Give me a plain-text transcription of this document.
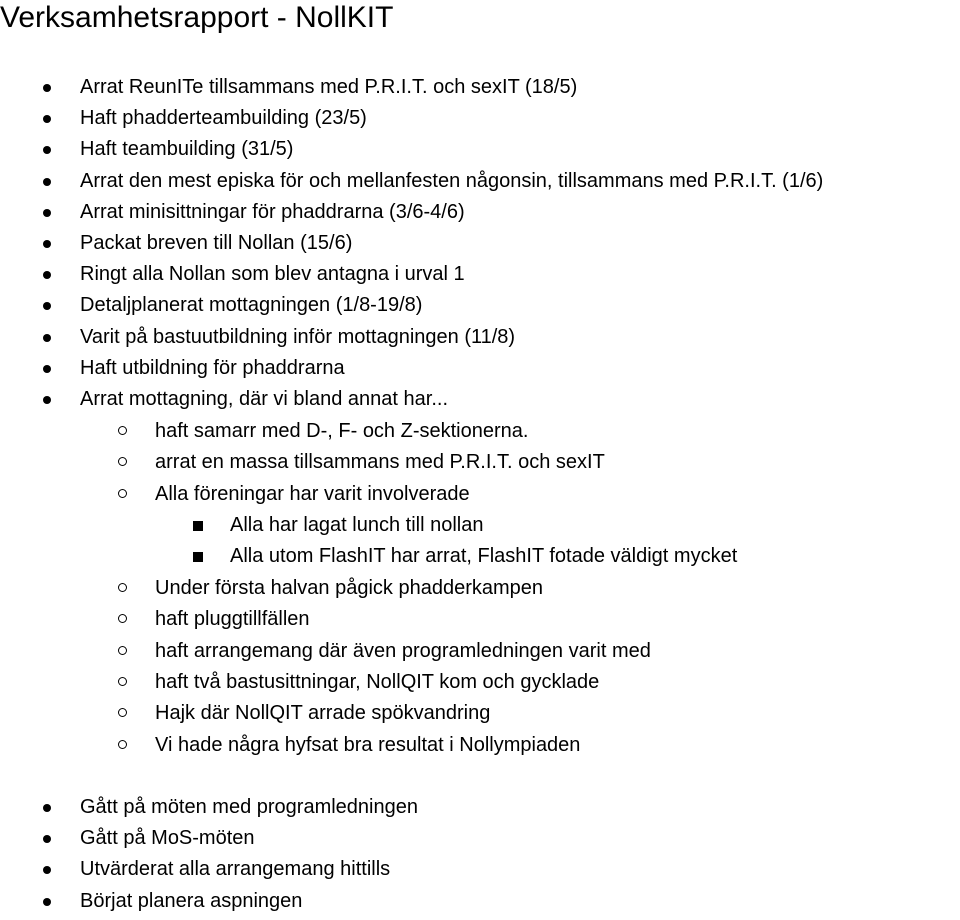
Verksamhetsrapport - NollKIT
Arrat ReunITe tillsammans med P.R.I.T. och sexIT (18/5)
Haft phadderteambuilding (23/5)
Haft teambuilding (31/5)
Arrat den mest episka för och mellanfesten någonsin, tillsammans med P.R.I.T. (1/6)
Arrat minisittningar för phaddrarna (3/6-4/6)
Packat breven till Nollan (15/6)
Ringt alla Nollan som blev antagna i urval 1
Detaljplanerat mottagningen (1/8-19/8)
Varit på bastuutbildning inför mottagningen (11/8)
Haft utbildning för phaddrarna
Arrat mottagning, där vi bland annat har...
haft samarr med D-, F- och Z-sektionerna.
arrat en massa tillsammans med P.R.I.T. och sexIT
Alla föreningar har varit involverade
Alla har lagat lunch till nollan
Alla utom FlashIT har arrat, FlashIT fotade väldigt mycket
Under första halvan pågick phadderkampen
haft pluggtillfällen
haft arrangemang där även programledningen varit med
haft två bastusittningar, NollQIT kom och gycklade
Hajk där NollQIT arrade spökvandring
Vi hade några hyfsat bra resultat i Nollympiaden
Gått på möten med programledningen
Gått på MoS-möten
Utvärderat alla arrangemang hittills
Börjat planera aspningen
